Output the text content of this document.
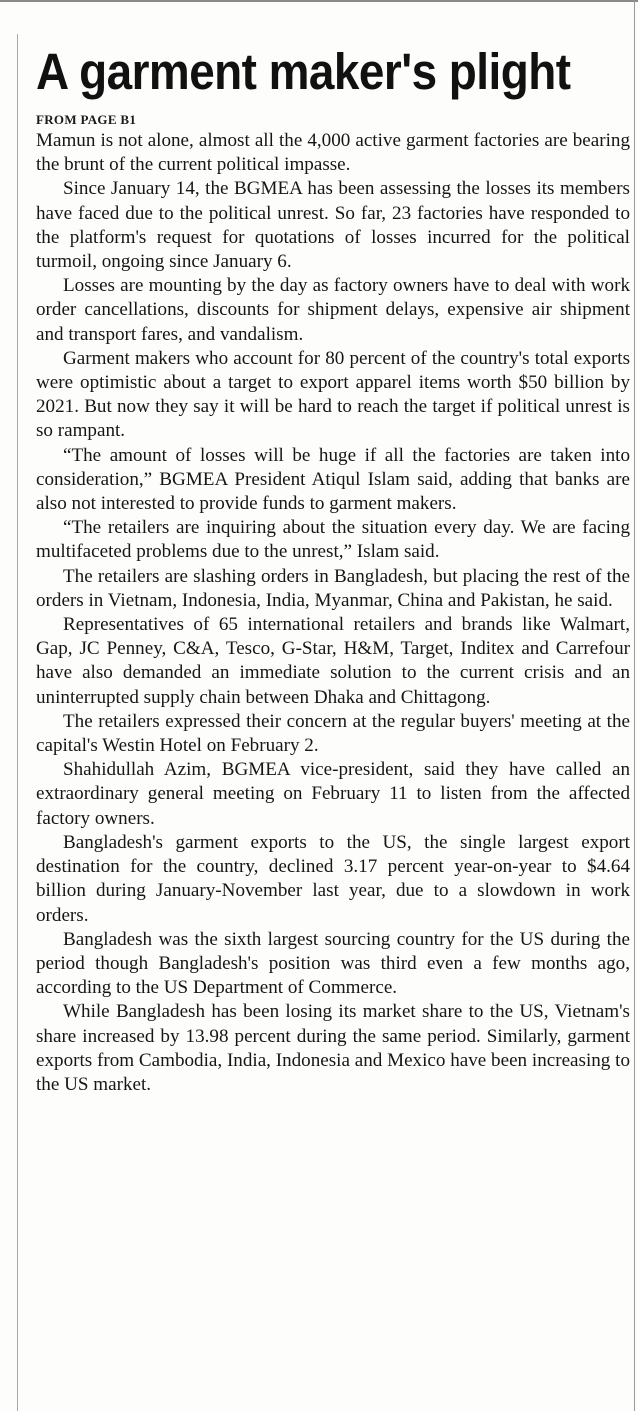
A garment maker's plight
FROM PAGE B1

Mamun is not alone, almost all the 4,000 active garment factories are bearing the brunt of the current political impasse.

Since January 14, the BGMEA has been assessing the losses its members have faced due to the political unrest. So far, 23 factories have responded to the platform's request for quotations of losses incurred for the political turmoil, ongoing since January 6.

Losses are mounting by the day as factory owners have to deal with work order cancellations, discounts for shipment delays, expensive air shipment and transport fares, and vandalism.

Garment makers who account for 80 percent of the country's total exports were optimistic about a target to export apparel items worth $50 billion by 2021. But now they say it will be hard to reach the target if political unrest is so rampant.

“The amount of losses will be huge if all the factories are taken into consideration,” BGMEA President Atiqul Islam said, adding that banks are also not interested to provide funds to garment makers.

“The retailers are inquiring about the situation every day. We are facing multifaceted problems due to the unrest,” Islam said.

The retailers are slashing orders in Bangladesh, but placing the rest of the orders in Vietnam, Indonesia, India, Myanmar, China and Pakistan, he said.

Representatives of 65 international retailers and brands like Walmart, Gap, JC Penney, C&A, Tesco, G-Star, H&M, Target, Inditex and Carrefour have also demanded an immediate solution to the current crisis and an uninterrupted supply chain between Dhaka and Chittagong.

The retailers expressed their concern at the regular buyers' meeting at the capital's Westin Hotel on February 2.

Shahidullah Azim, BGMEA vice-president, said they have called an extraordinary general meeting on February 11 to listen from the affected factory owners.

Bangladesh's garment exports to the US, the single largest export destination for the country, declined 3.17 percent year-on-year to $4.64 billion during January-November last year, due to a slowdown in work orders.

Bangladesh was the sixth largest sourcing country for the US during the period though Bangladesh's position was third even a few months ago, according to the US Department of Commerce.

While Bangladesh has been losing its market share to the US, Vietnam's share increased by 13.98 percent during the same period. Similarly, garment exports from Cambodia, India, Indonesia and Mexico have been increasing to the US market.
